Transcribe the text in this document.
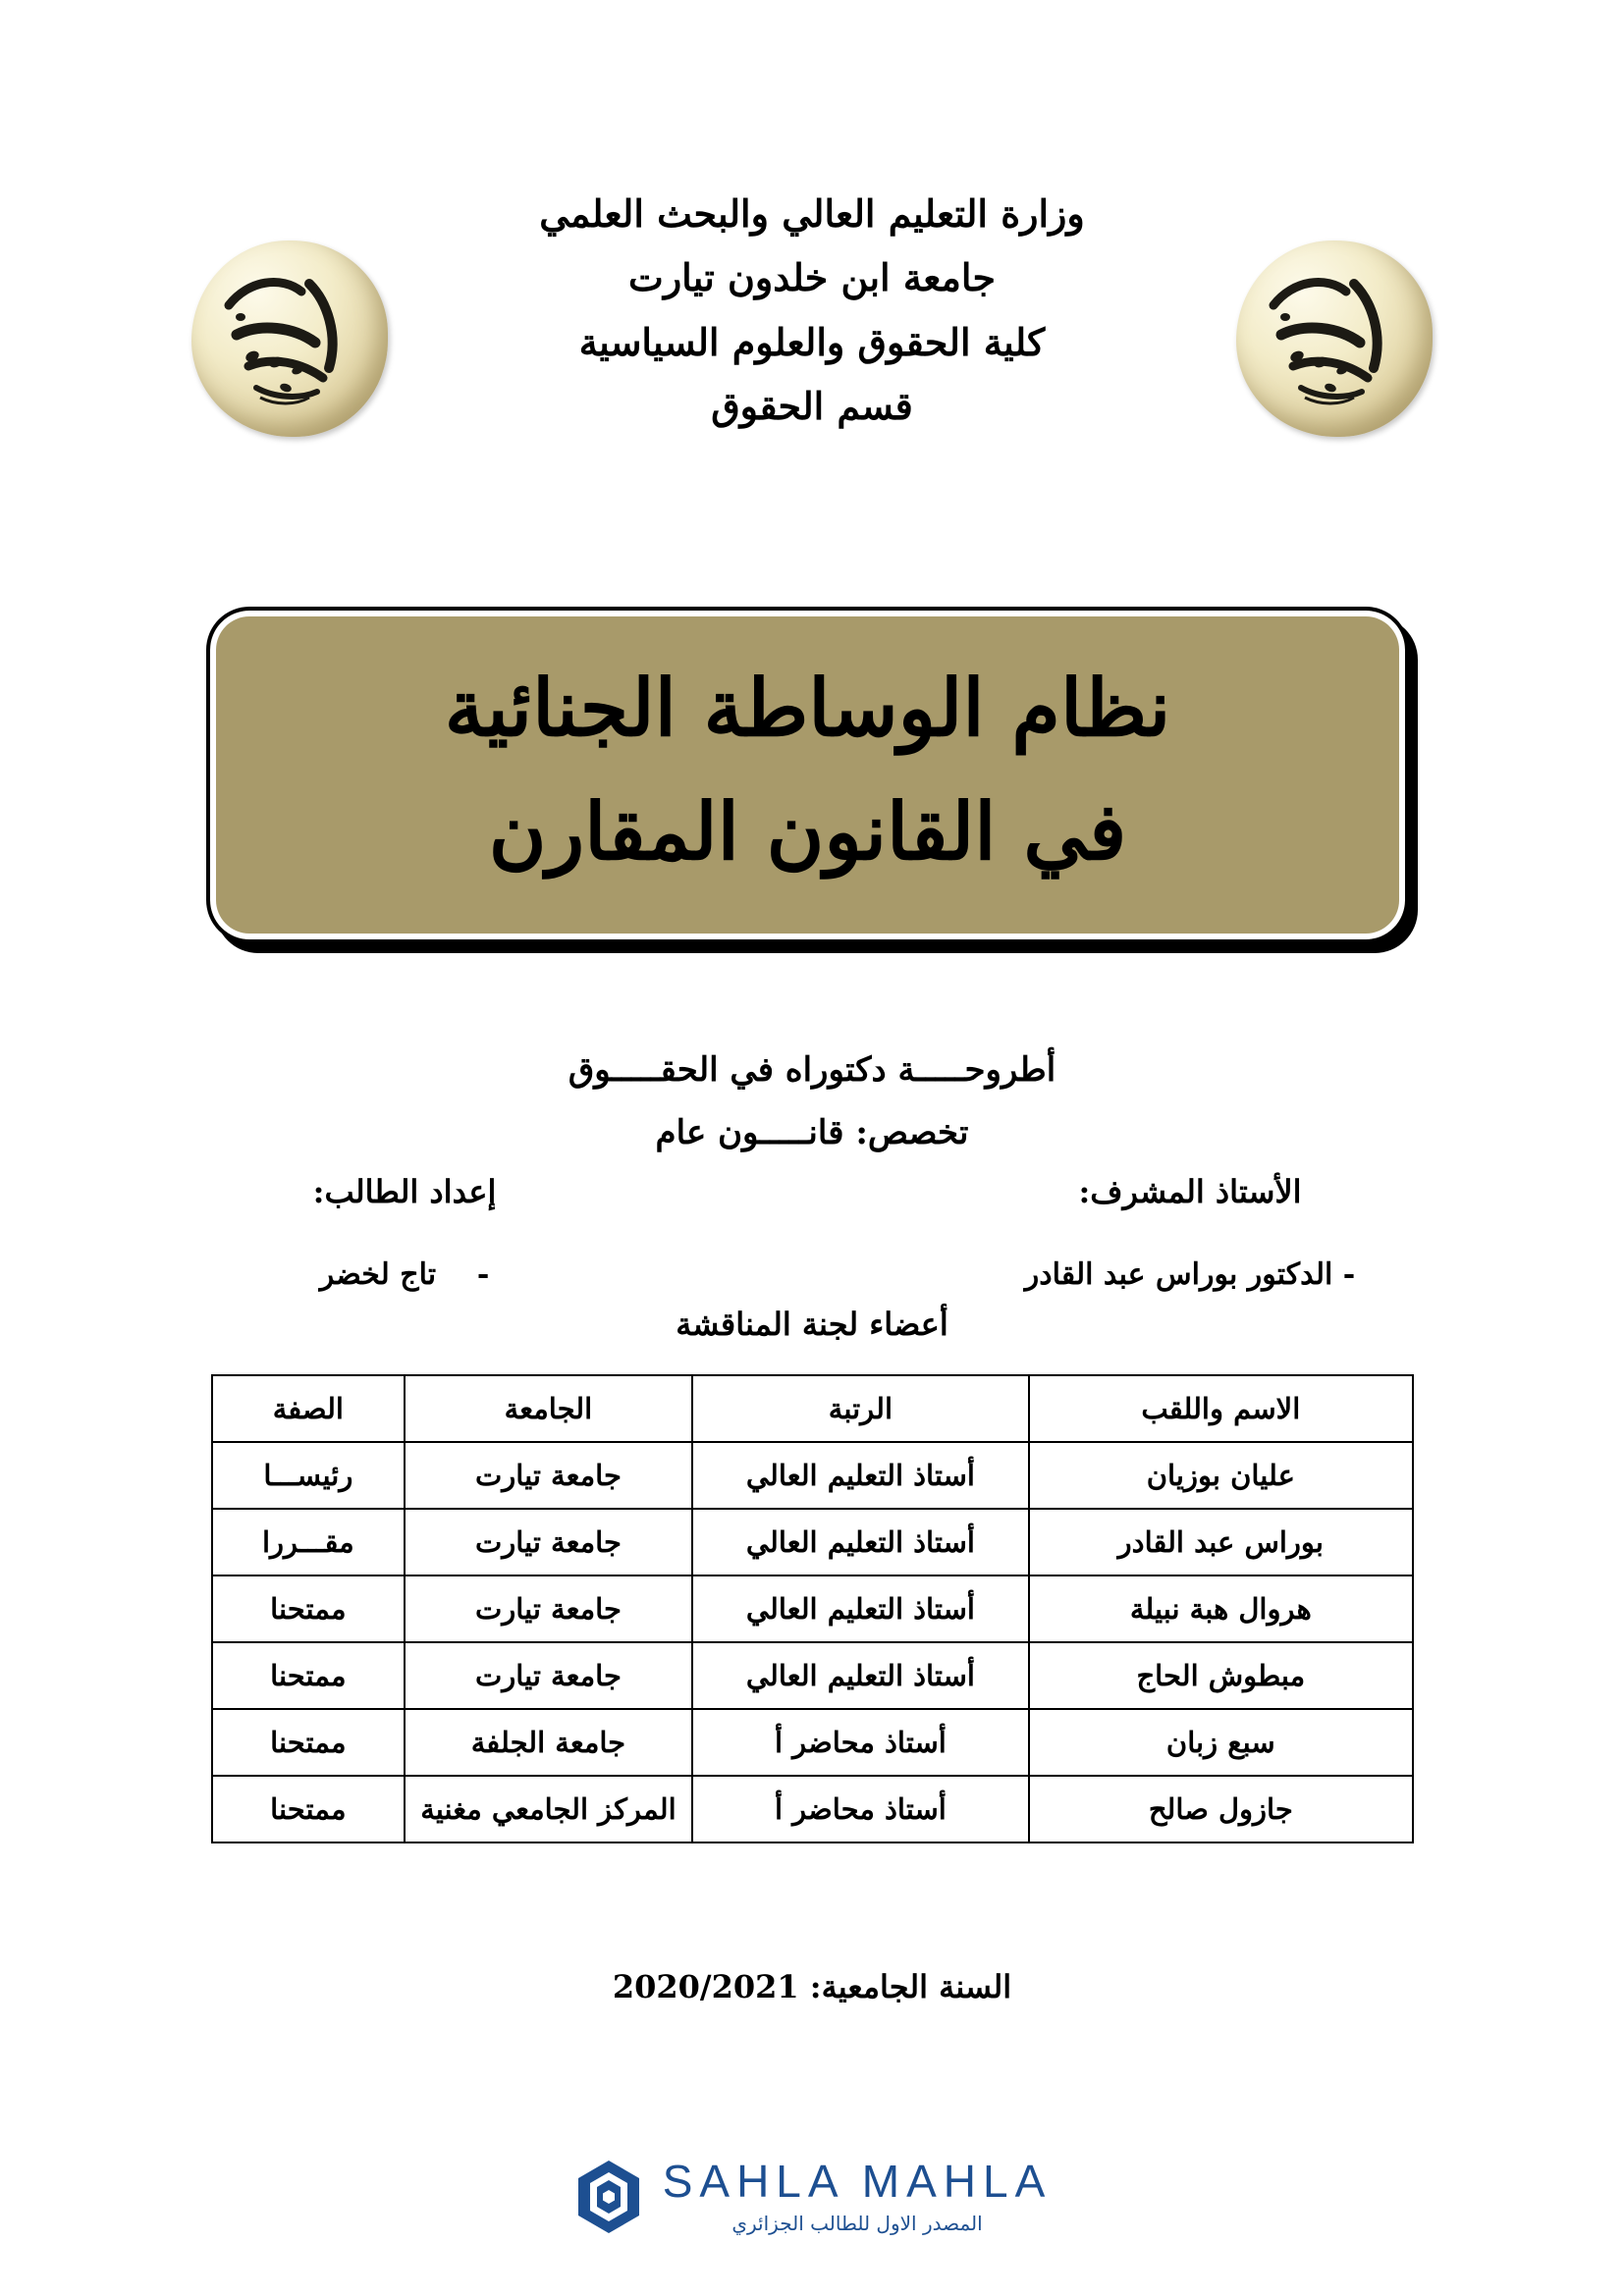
وزارة التعليم العالي والبحث العلمي
جامعة ابن خلدون تيارت
كلية الحقوق والعلوم السياسية
قسم الحقوق
نظام الوساطة الجنائية
في القانون المقارن
أطروحـــــة دكتوراه في الحقـــــوق
تخصص: قانـــــون عام
الأستاذ المشرف:
- الدكتور بوراس عبد القادر
إعداد الطالب:
-    تاج لخضر
أعضاء لجنة المناقشة
الاسم واللقب	الرتبة	الجامعة	الصفة
عليان بوزيان	أستاذ التعليم العالي	جامعة تيارت	رئيســـا
بوراس عبد القادر	أستاذ التعليم العالي	جامعة تيارت	مقـــررا
هروال هبة نبيلة	أستاذ التعليم العالي	جامعة تيارت	ممتحنا
مبطوش الحاج	أستاذ التعليم العالي	جامعة تيارت	ممتحنا
سبع زبان	أستاذ محاضر أ	جامعة الجلفة	ممتحنا
جازول صالح	أستاذ محاضر أ	المركز الجامعي مغنية	ممتحنا
السنة الجامعية: 2020/2021
SAHLA MAHLA
المصدر الاول للطالب الجزائري
